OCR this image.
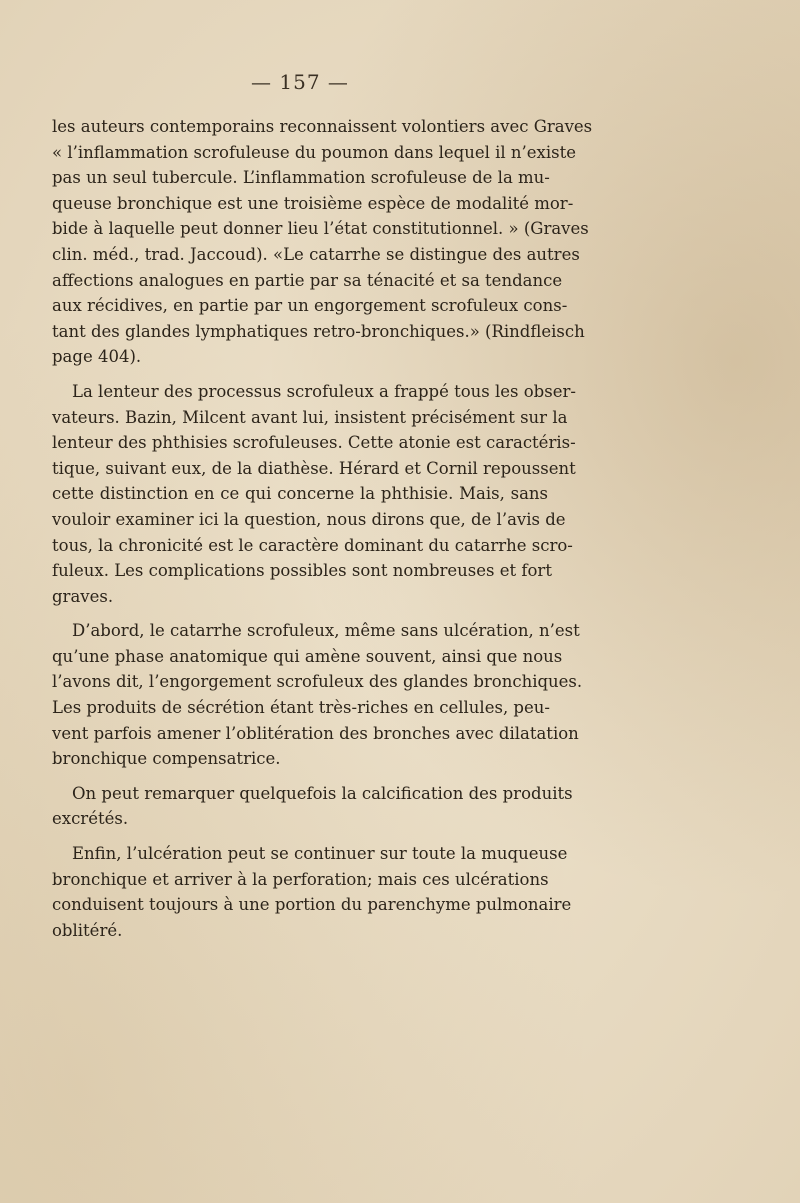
— 157 —
les auteurs contemporains reconnaissent volontiers avec Graves
« l’inflammation scrofuleuse du poumon dans lequel il n’existe
pas un seul tubercule. L’inflammation scrofuleuse de la mu-
queuse bronchique est une troisième espèce de modalité mor-
bide à laquelle peut donner lieu l’état constitutionnel. » (Graves
clin. méd., trad. Jaccoud). «Le catarrhe se distingue des autres
affections analogues en partie par sa ténacité et sa tendance
aux récidives, en partie par un engorgement scrofuleux cons-
tant des glandes lymphatiques retro-bronchiques.» (Rindfleisch
page 404).
La lenteur des processus scrofuleux a frappé tous les obser-
vateurs. Bazin, Milcent avant lui, insistent précisément sur la
lenteur des phthisies scrofuleuses. Cette atonie est caractéris-
tique, suivant eux, de la diathèse. Hérard et Cornil repoussent
cette distinction en ce qui concerne la phthisie. Mais, sans
vouloir examiner ici la question, nous dirons que, de l’avis de
tous, la chronicité est le caractère dominant du catarrhe scro-
fuleux. Les complications possibles sont nombreuses et fort
graves.
D’abord, le catarrhe scrofuleux, même sans ulcération, n’est
qu’une phase anatomique qui amène souvent, ainsi que nous
l’avons dit, l’engorgement scrofuleux des glandes bronchiques.
Les produits de sécrétion étant très-riches en cellules, peu-
vent parfois amener l’oblitération des bronches avec dilatation
bronchique compensatrice.
On peut remarquer quelquefois la calcification des produits
excrétés.
Enfin, l’ulcération peut se continuer sur toute la muqueuse
bronchique et arriver à la perforation; mais ces ulcérations
conduisent toujours à une portion du parenchyme pulmonaire
oblitéré.
